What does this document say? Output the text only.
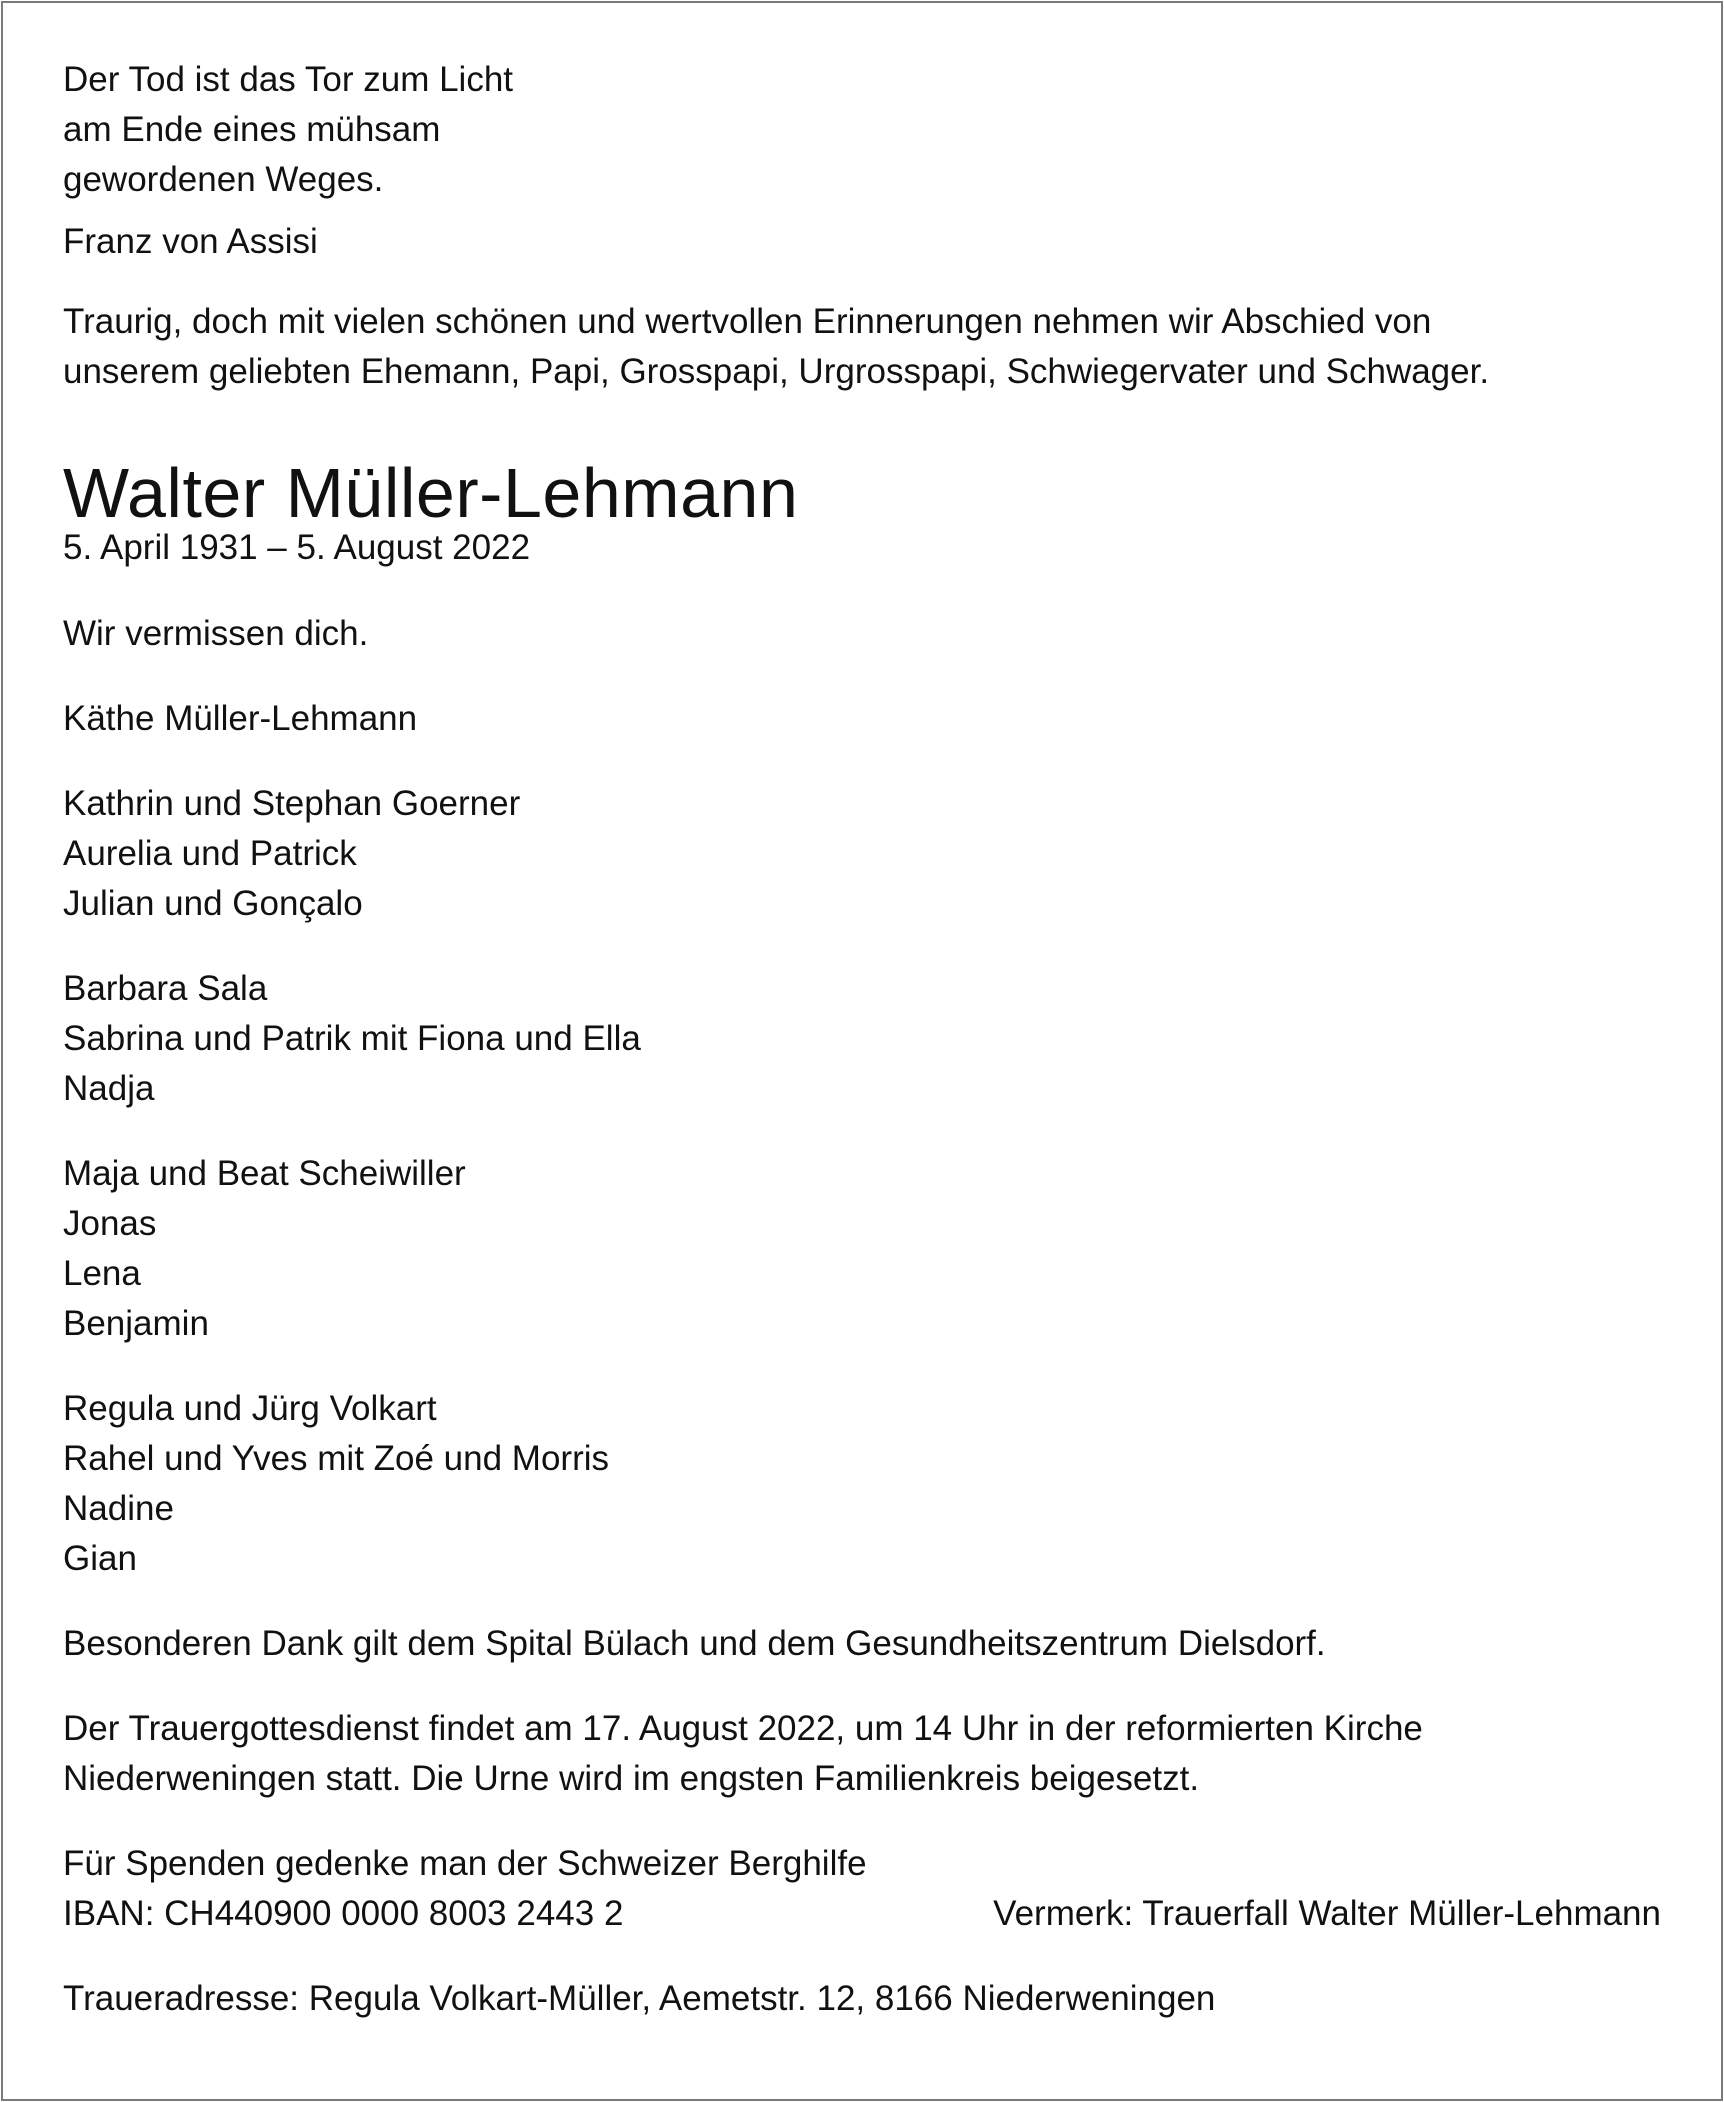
Der Tod ist das Tor zum Licht
am Ende eines mühsam
gewordenen Weges.
Franz von Assisi
Traurig, doch mit vielen schönen und wertvollen Erinnerungen nehmen wir Abschied von
unserem geliebten Ehemann, Papi, Grosspapi, Urgrosspapi, Schwiegervater und Schwager.
Walter Müller-Lehmann
5. April 1931 – 5. August 2022
Wir vermissen dich.
Käthe Müller-Lehmann
Kathrin und Stephan Goerner
Aurelia und Patrick
Julian und Gonçalo
Barbara Sala
Sabrina und Patrik mit Fiona und Ella
Nadja
Maja und Beat Scheiwiller
Jonas
Lena
Benjamin
Regula und Jürg Volkart
Rahel und Yves mit Zoé und Morris
Nadine
Gian
Besonderen Dank gilt dem Spital Bülach und dem Gesundheitszentrum Dielsdorf.
Der Trauergottesdienst findet am 17. August 2022, um 14 Uhr in der reformierten Kirche
Niederweningen statt. Die Urne wird im engsten Familienkreis beigesetzt.
Für Spenden gedenke man der Schweizer Berghilfe
IBAN: CH440900 0000 8003 2443 2	Vermerk: Trauerfall Walter Müller-Lehmann
Traueradresse: Regula Volkart-Müller, Aemetstr. 12, 8166 Niederweningen
